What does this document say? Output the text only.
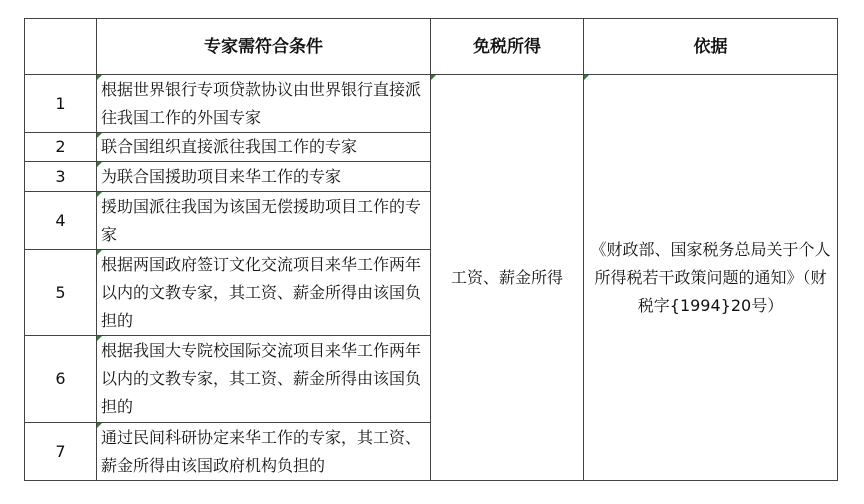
	专家需符合条件	免税所得	依据
1	根据世界银行专项贷款协议由世界银行直接派往我国工作的外国专家	工资、薪金所得	《财政部、国家税务总局关于个人所得税若干政策问题的通知》（财税字{1994}20号）
2	联合国组织直接派往我国工作的专家		
3	为联合国援助项目来华工作的专家		
4	援助国派往我国为该国无偿援助项目工作的专家		
5	根据两国政府签订文化交流项目来华工作两年以内的文教专家，其工资、薪金所得由该国负担的		
6	根据我国大专院校国际交流项目来华工作两年以内的文教专家，其工资、薪金所得由该国负担的		
7	通过民间科研协定来华工作的专家，其工资、薪金所得由该国政府机构负担的		
